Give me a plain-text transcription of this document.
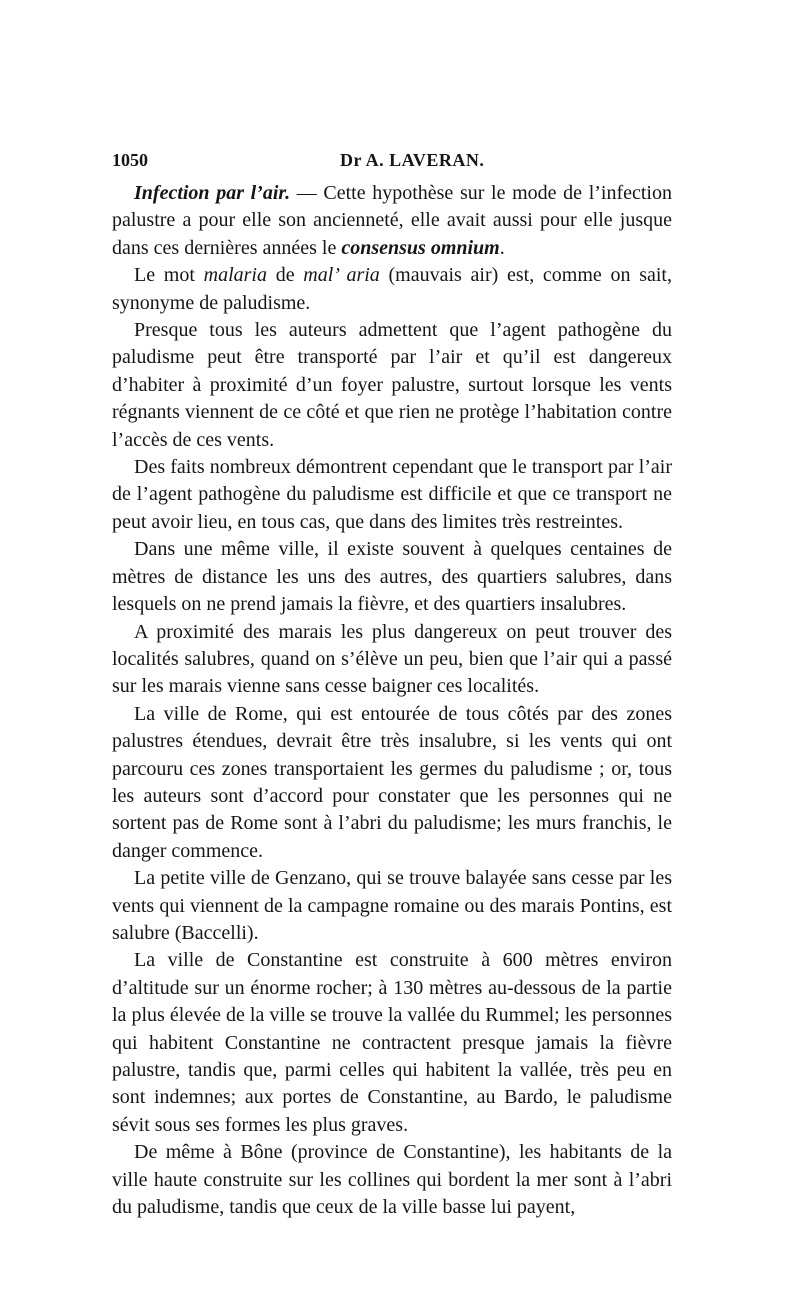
1050	Dr A. LAVERAN.

Infection par l’air. — Cette hypothèse sur le mode de l’infection palustre a pour elle son ancienneté, elle avait aussi pour elle jusque dans ces dernières années le consensus omnium.

Le mot malaria de mal’ aria (mauvais air) est, comme on sait, synonyme de paludisme.

Presque tous les auteurs admettent que l’agent pathogène du paludisme peut être transporté par l’air et qu’il est dangereux d’habiter à proximité d’un foyer palustre, surtout lorsque les vents régnants viennent de ce côté et que rien ne protège l’habitation contre l’accès de ces vents.

Des faits nombreux démontrent cependant que le transport par l’air de l’agent pathogène du paludisme est difficile et que ce transport ne peut avoir lieu, en tous cas, que dans des limites très restreintes.

Dans une même ville, il existe souvent à quelques centaines de mètres de distance les uns des autres, des quartiers salubres, dans lesquels on ne prend jamais la fièvre, et des quartiers insalubres.

A proximité des marais les plus dangereux on peut trouver des localités salubres, quand on s’élève un peu, bien que l’air qui a passé sur les marais vienne sans cesse baigner ces localités.

La ville de Rome, qui est entourée de tous côtés par des zones palustres étendues, devrait être très insalubre, si les vents qui ont parcouru ces zones transportaient les germes du paludisme ; or, tous les auteurs sont d’accord pour constater que les personnes qui ne sortent pas de Rome sont à l’abri du paludisme; les murs franchis, le danger commence.

La petite ville de Genzano, qui se trouve balayée sans cesse par les vents qui viennent de la campagne romaine ou des marais Pontins, est salubre (Baccelli).

La ville de Constantine est construite à 600 mètres environ d’altitude sur un énorme rocher; à 130 mètres au-dessous de la partie la plus élevée de la ville se trouve la vallée du Rummel; les personnes qui habitent Constantine ne contractent presque jamais la fièvre palustre, tandis que, parmi celles qui habitent la vallée, très peu en sont indemnes; aux portes de Constantine, au Bardo, le paludisme sévit sous ses formes les plus graves.

De même à Bône (province de Constantine), les habitants de la ville haute construite sur les collines qui bordent la mer sont à l’abri du paludisme, tandis que ceux de la ville basse lui payent,
